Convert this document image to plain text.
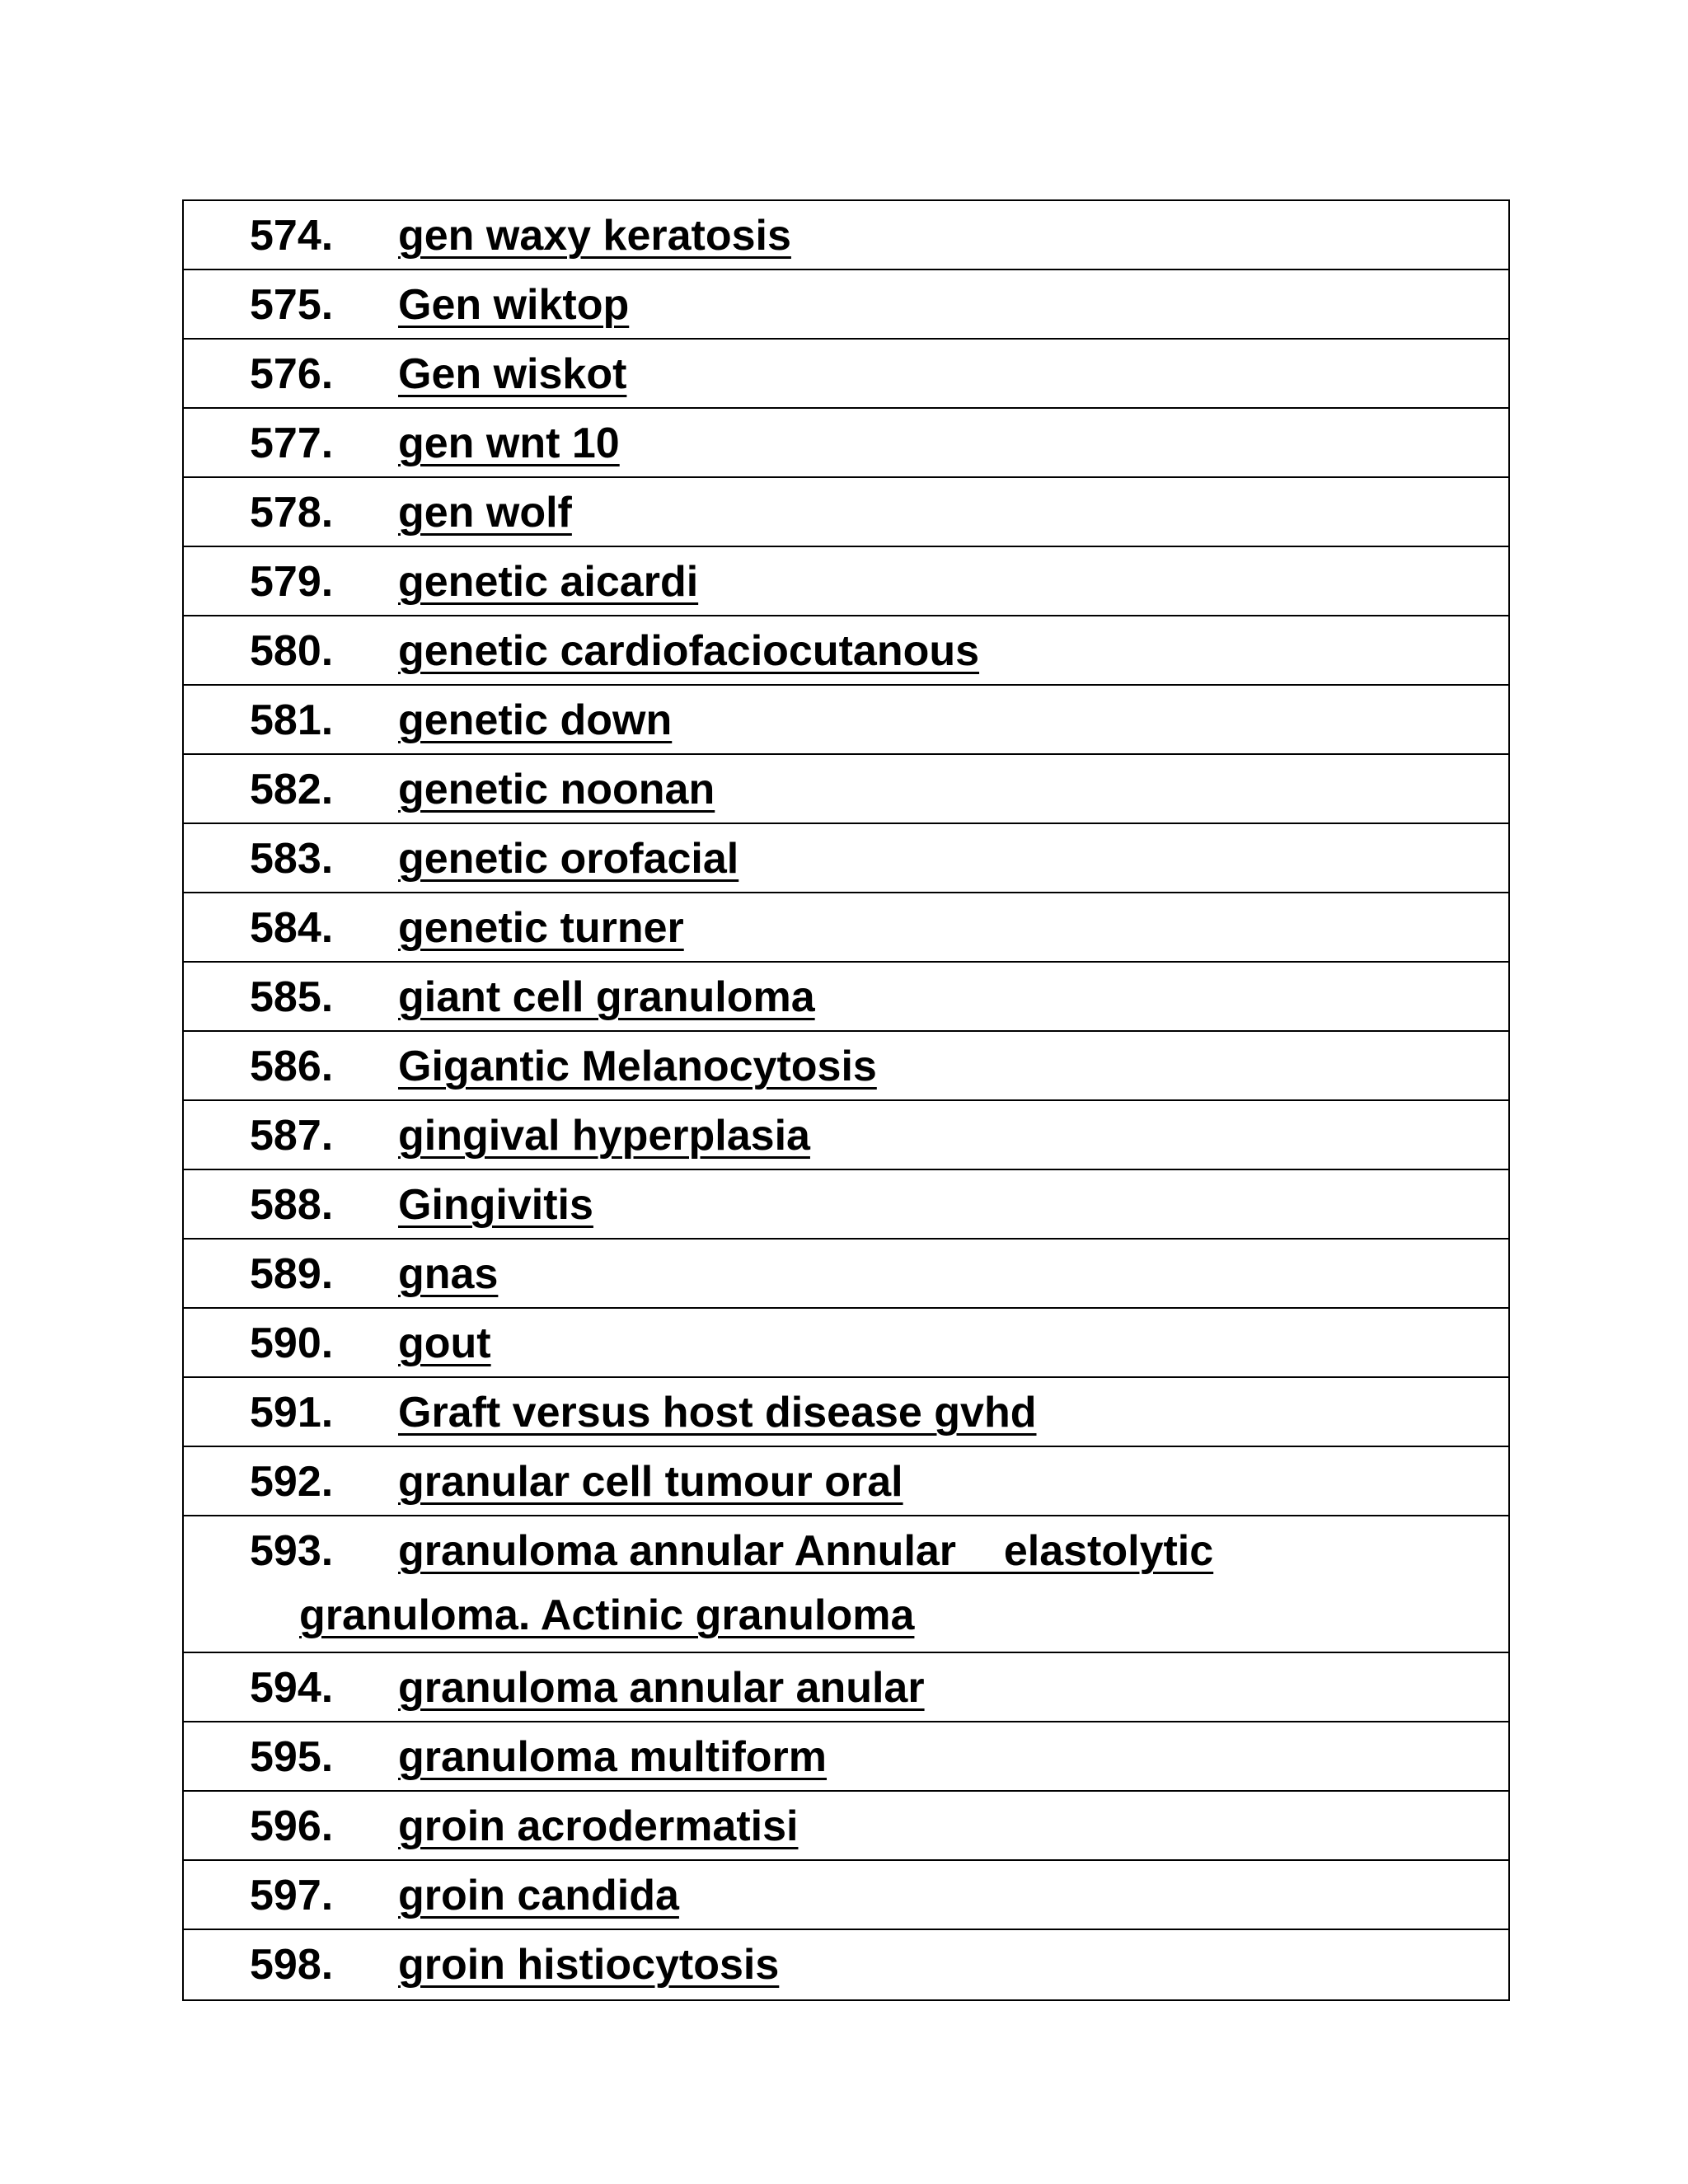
574.	gen waxy keratosis
575.	Gen wiktop
576.	Gen wiskot
577.	gen wnt 10
578.	gen wolf
579.	genetic aicardi
580.	genetic cardiofaciocutanous
581.	genetic down
582.	genetic noonan
583.	genetic orofacial
584.	genetic turner
585.	giant cell granuloma
586.	Gigantic Melanocytosis
587.	gingival hyperplasia
588.	Gingivitis
589.	gnas
590.	gout
591.	Graft versus host disease gvhd
592.	granular cell tumour oral
593. granuloma annular Annular    elastolytic
granuloma. Actinic granuloma
594.	granuloma annular anular
595.	granuloma multiform
596.	groin acrodermatisi
597.	groin candida
598.	groin histiocytosis
